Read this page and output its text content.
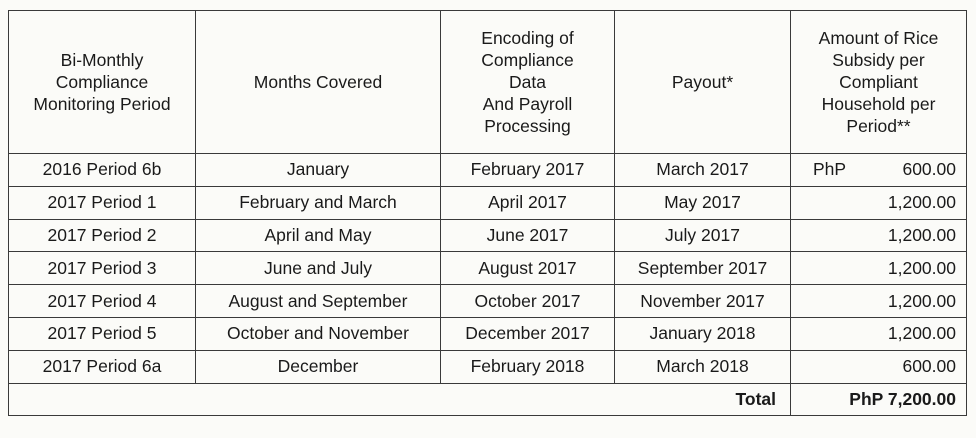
Bi-Monthly
Compliance
Monitoring Period	Months Covered	Encoding of
Compliance
Data
And Payroll
Processing	Payout*	Amount of Rice
Subsidy per
Compliant
Household per
Period**
2016 Period 6b	January	February 2017	March 2017	PhP 600.00

2017 Period 1	February and March	April 2017	May 2017	1,200.00
2017 Period 2	April and May	June 2017	July 2017	1,200.00
2017 Period 3	June and July	August 2017	September 2017	1,200.00
2017 Period 4	August and September	October 2017	November 2017	1,200.00
2017 Period 5	October and November	December 2017	January 2018	1,200.00
2017 Period 6a	December	February 2018	March 2018	600.00
Total				PhP 7,200.00
